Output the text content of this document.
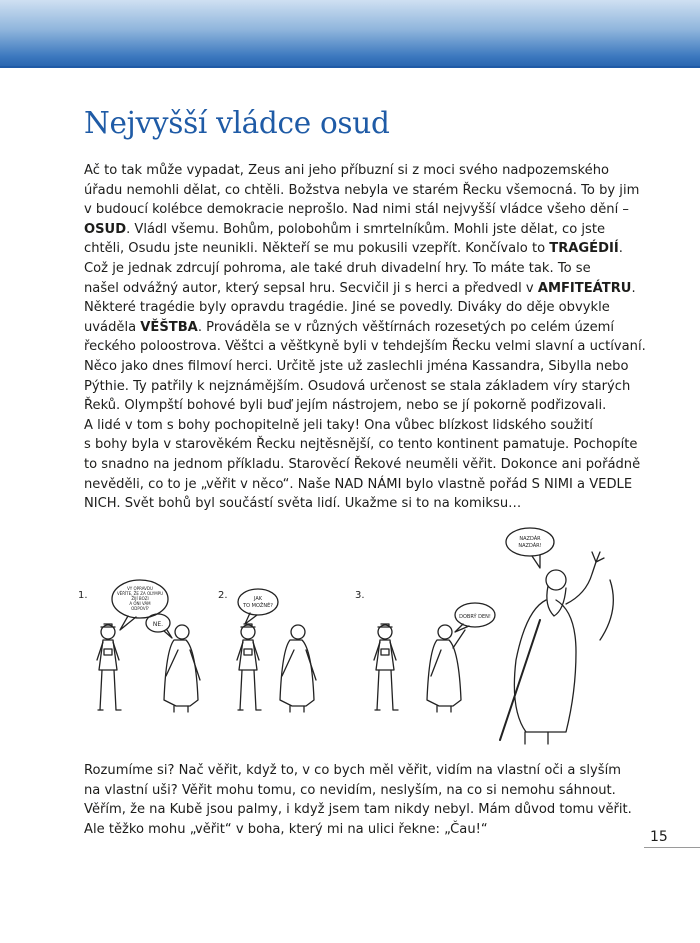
Nejvyšší vládce osud
Ač to tak může vypadat, Zeus ani jeho příbuzní si z moci svého nadpozemského
úřadu nemohli dělat, co chtěli. Božstva nebyla ve starém Řecku všemocná. To by jim
v budoucí kolébce demokracie neprošlo. Nad nimi stál nejvyšší vládce všeho dění –
OSUD. Vládl všemu. Bohům, polobohům i smrtelníkům. Mohli jste dělat, co jste
chtěli, Osudu jste neunikli. Někteří se mu pokusili vzepřít. Končívalo to TRAGÉDIÍ.
Což je jednak zdrcují pohroma, ale také druh divadelní hry. To máte tak. To se
našel odvážný autor, který sepsal hru. Secvičil ji s herci a předvedl v AMFITEÁTRU.
Některé tragédie byly opravdu tragédie. Jiné se povedly. Diváky do děje obvykle
uváděla VĚŠTBA. Prováděla se v různých věštírnách rozesetých po celém území
řeckého poloostrova. Věštci a věštkyně byli v tehdejším Řecku velmi slavní a uctívaní.
Něco jako dnes filmoví herci. Určitě jste už zaslechli jména Kassandra, Sibylla nebo
Pýthie. Ty patřily k nejznámějším. Osudová určenost se stala základem víry starých
Řeků. Olympští bohové byli buď jejím nástrojem, nebo se jí pokorně podřizovali.
A lidé v tom s bohy pochopitelně jeli taky! Ona vůbec blízkost lidského soužití
s bohy byla v starověkém Řecku nejtěsnější, co tento kontinent pamatuje. Pochopíte
to snadno na jednom příkladu. Starověcí Řekové neuměli věřit. Dokonce ani pořádně
nevěděli, co to je „věřit v něco“. Naše NAD NÁMI bylo vlastně pořád S NIMI a VEDLE
NICH. Svět bohů byl součástí světa lidí. Ukažme si to na komiksu…
1.	2.	3.
VY OPRAVDU
VĚŘÍTE, ŽE ZA OLYMPU
ŽIJÍ BOZI
A ONI VÁM
ODPOVÍ?
NE.
JAK
TO MOŽNÉ?
DOBRÝ DEN!
NAZDÁR
NAZDÁR!
Rozumíme si? Nač věřit, když to, v co bych měl věřit, vidím na vlastní oči a slyším
na vlastní uši? Věřit mohu tomu, co nevidím, neslyším, na co si nemohu sáhnout.
Věřím, že na Kubě jsou palmy, i když jsem tam nikdy nebyl. Mám důvod tomu věřit.
Ale těžko mohu „věřit“ v boha, který mi na ulici řekne: „Čau!“	15
